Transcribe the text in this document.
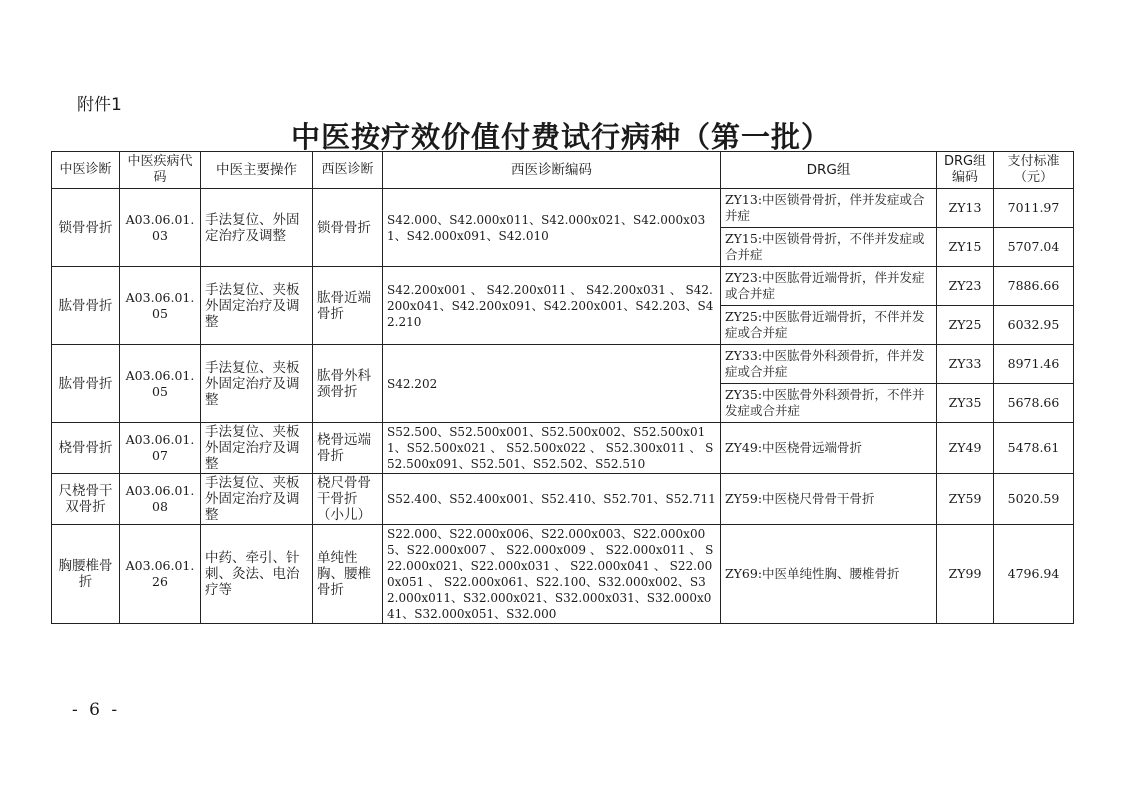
附件1
中医按疗效价值付费试行病种（第一批）
中医诊断	中医疾病代码	中医主要操作	西医诊断	西医诊断编码	DRG组	DRG组编码	支付标准（元）
锁骨骨折	A03.06.01.03	手法复位、外固定治疗及调整	锁骨骨折	S42.000、S42.000x011、S42.000x021、S42.000x031、S42.000x091、S42.010	ZY13:中医锁骨骨折，伴并发症或合并症	ZY13	7011.97
					ZY15:中医锁骨骨折，不伴并发症或合并症	ZY15	5707.04
肱骨骨折	A03.06.01.05	手法复位、夹板外固定治疗及调整	肱骨近端骨折	S42.200x001 、 S42.200x011 、 S42.200x031 、 S42.200x041、S42.200x091、S42.200x001、S42.203、S42.210	ZY23:中医肱骨近端骨折，伴并发症或合并症	ZY23	7886.66
					ZY25:中医肱骨近端骨折，不伴并发症或合并症	ZY25	6032.95
肱骨骨折	A03.06.01.05	手法复位、夹板外固定治疗及调整	肱骨外科颈骨折	S42.202	ZY33:中医肱骨外科颈骨折，伴并发症或合并症	ZY33	8971.46
					ZY35:中医肱骨外科颈骨折，不伴并发症或合并症	ZY35	5678.66
桡骨骨折	A03.06.01.07	手法复位、夹板外固定治疗及调整	桡骨远端骨折	S52.500、S52.500x001、S52.500x002、S52.500x011、S52.500x021 、 S52.500x022 、 S52.300x011 、 S52.500x091、S52.501、S52.502、S52.510	ZY49:中医桡骨远端骨折	ZY49	5478.61
尺桡骨干双骨折	A03.06.01.08	手法复位、夹板外固定治疗及调整	桡尺骨骨干骨折（小儿）	S52.400、S52.400x001、S52.410、S52.701、S52.711	ZY59:中医桡尺骨骨干骨折	ZY59	5020.59
胸腰椎骨折	A03.06.01.26	中药、牵引、针刺、灸法、电治疗等	单纯性胸、腰椎骨折	S22.000、S22.000x006、S22.000x003、S22.000x005、S22.000x007 、 S22.000x009 、 S22.000x011 、 S22.000x021、S22.000x031 、 S22.000x041 、 S22.000x051 、 S22.000x061、S22.100、S32.000x002、S32.000x011、S32.000x021、S32.000x031、S32.000x041、S32.000x051、S32.000	ZY69:中医单纯性胸、腰椎骨折	ZY99	4796.94
- 6 -
